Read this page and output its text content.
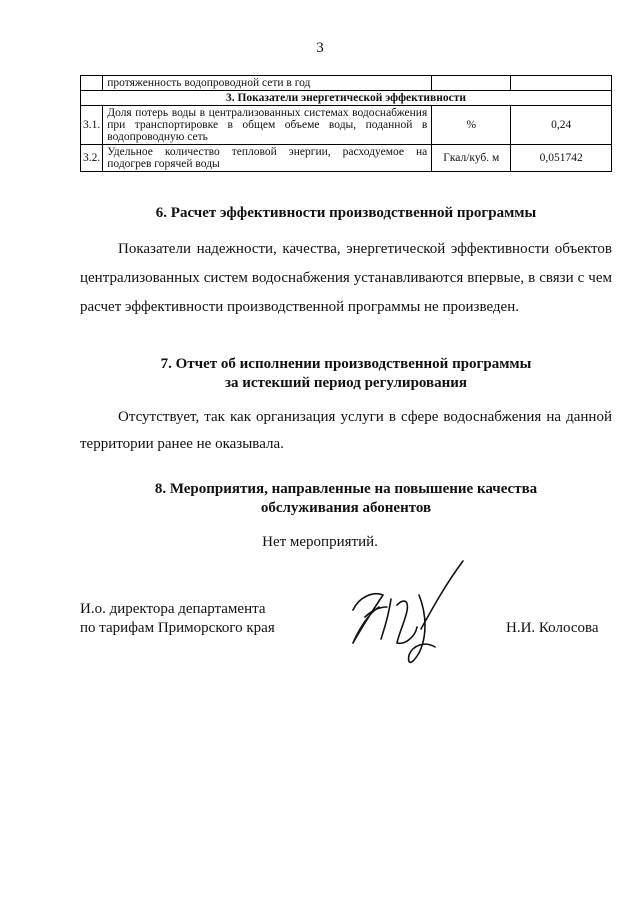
3
	протяженность водопроводной сети в год		
3. Показатели энергетической эффективности			
3.1.	Доля потерь воды в централизованных системах водоснабжения при транспортировке в общем объеме воды, поданной в водопроводную сеть	%	0,24
3.2.	Удельное количество тепловой энергии, расходуемое на подогрев горячей воды	Гкал/куб. м	0,051742
6. Расчет эффективности производственной программы
Показатели надежности, качества, энергетической эффективности объектов централизованных систем водоснабжения устанавливаются впервые, в связи с чем расчет эффективности производственной программы не произведен.
7. Отчет об исполнении производственной программы
за истекший период регулирования
Отсутствует, так как организация услуги в сфере водоснабжения на данной территории ранее не оказывала.
8. Мероприятия, направленные на повышение качества
обслуживания абонентов
Нет мероприятий.
И.о. директора департамента
по тарифам Приморского края	Н.И. Колосова
